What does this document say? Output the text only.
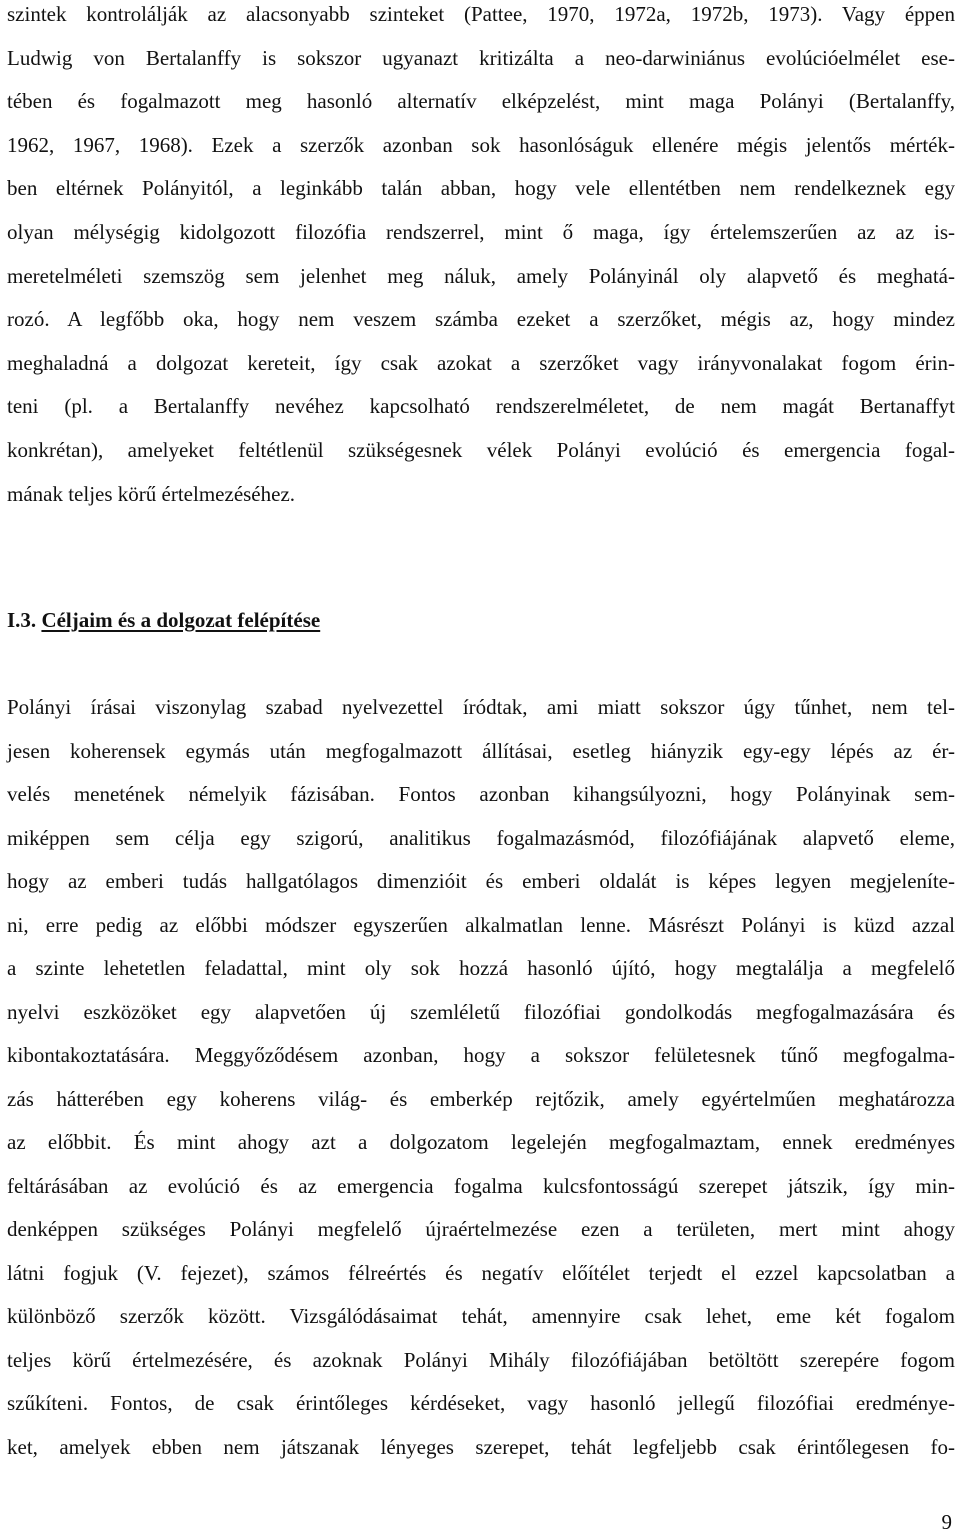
szintek kontrolálják az alacsonyabb szinteket (Pattee, 1970, 1972a, 1972b, 1973). Vagy éppen
Ludwig von Bertalanffy is sokszor ugyanazt kritizálta a neo-darwiniánus evolúcióelmélet ese-
tében és fogalmazott meg hasonló alternatív elképzelést, mint maga Polányi (Bertalanffy,
1962, 1967, 1968). Ezek a szerzők azonban sok hasonlóságuk ellenére mégis jelentős mérték-
ben eltérnek Polányitól, a leginkább talán abban, hogy vele ellentétben nem rendelkeznek egy
olyan mélységig kidolgozott filozófia rendszerrel, mint ő maga, így értelemszerűen az az is-
meretelméleti szemszög sem jelenhet meg náluk, amely Polányinál oly alapvető és meghatá-
rozó. A legfőbb oka, hogy nem veszem számba ezeket a szerzőket, mégis az, hogy mindez
meghaladná a dolgozat kereteit, így csak azokat a szerzőket vagy irányvonalakat fogom érin-
teni (pl. a Bertalanffy nevéhez kapcsolható rendszerelméletet, de nem magát Bertanaffyt
konkrétan), amelyeket feltétlenül szükségesnek vélek Polányi evolúció és emergencia fogal-
mának teljes körű értelmezéséhez.
I.3. Céljaim és a dolgozat felépítése
Polányi írásai viszonylag szabad nyelvezettel íródtak, ami miatt sokszor úgy tűnhet, nem tel-
jesen koherensek egymás után megfogalmazott állításai, esetleg hiányzik egy-egy lépés az ér-
velés menetének némelyik fázisában. Fontos azonban kihangsúlyozni, hogy Polányinak sem-
miképpen sem célja egy szigorú, analitikus fogalmazásmód, filozófiájának alapvető eleme,
hogy az emberi tudás hallgatólagos dimenzióit és emberi oldalát is képes legyen megjeleníte-
ni, erre pedig az előbbi módszer egyszerűen alkalmatlan lenne. Másrészt Polányi is küzd azzal
a szinte lehetetlen feladattal, mint oly sok hozzá hasonló újító, hogy megtalálja a megfelelő
nyelvi eszközöket egy alapvetően új szemléletű filozófiai gondolkodás megfogalmazására és
kibontakoztatására. Meggyőződésem azonban, hogy a sokszor felületesnek tűnő megfogalma-
zás hátterében egy koherens világ- és emberkép rejtőzik, amely egyértelműen meghatározza
az előbbit. És mint ahogy azt a dolgozatom legelején megfogalmaztam, ennek eredményes
feltárásában az evolúció és az emergencia fogalma kulcsfontosságú szerepet játszik, így min-
denképpen szükséges Polányi megfelelő újraértelmezése ezen a területen, mert mint ahogy
látni fogjuk (V. fejezet), számos félreértés és negatív előítélet terjedt el ezzel kapcsolatban a
különböző szerzők között. Vizsgálódásaimat tehát, amennyire csak lehet, eme két fogalom
teljes körű értelmezésére, és azoknak Polányi Mihály filozófiájában betöltött szerepére fogom
szűkíteni. Fontos, de csak érintőleges kérdéseket, vagy hasonló jellegű filozófiai eredménye-
ket, amelyek ebben nem játszanak lényeges szerepet, tehát legfeljebb csak érintőlegesen fo-
9
